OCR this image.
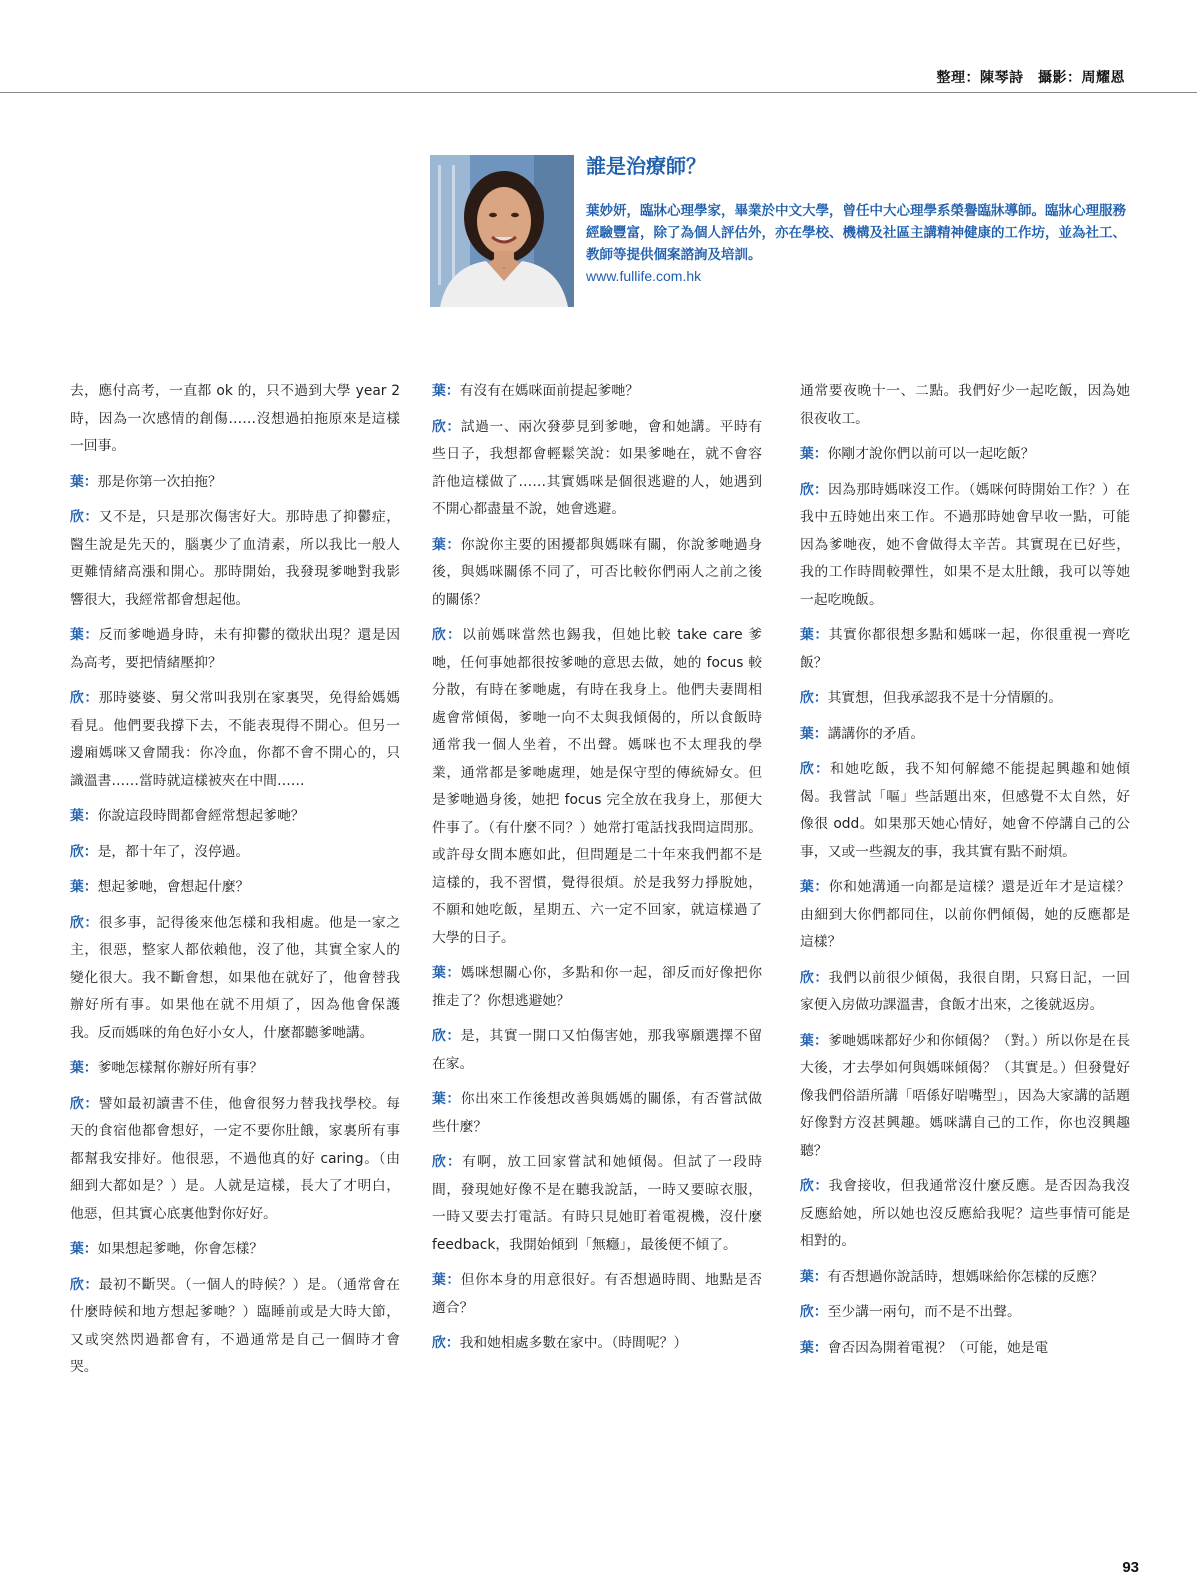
整理：陳琴詩　攝影：周耀恩
誰是治療師？

葉妙妍，臨牀心理學家，畢業於中文大學，曾任中大心理學系榮譽臨牀導師。臨牀心理服務經驗豐富，除了為個人評估外，亦在學校、機構及社區主講精神健康的工作坊，並為社工、教師等提供個案諮詢及培訓。

www.fullife.com.hk

去，應付高考，一直都 ok 的，只不過到大學 year 2 時，因為一次感情的創傷……沒想過拍拖原來是這樣一回事。

葉：那是你第一次拍拖？

欣：又不是，只是那次傷害好大。那時患了抑鬱症，醫生說是先天的，腦裏少了血清素，所以我比一般人更難情緒高漲和開心。那時開始，我發現爹哋對我影響很大，我經常都會想起他。

葉：反而爹哋過身時，未有抑鬱的徵狀出現？還是因為高考，要把情緒壓抑？

欣：那時婆婆、舅父常叫我別在家裏哭，免得給媽媽看見。他們要我撐下去，不能表現得不開心。但另一邊廂媽咪又會鬧我：你冷血，你都不會不開心的，只識溫書……當時就這樣被夾在中間……

葉：你說這段時間都會經常想起爹哋？

欣：是，都十年了，沒停過。

葉：想起爹哋，會想起什麼？

欣：很多事，記得後來他怎樣和我相處。他是一家之主，很惡，整家人都依賴他，沒了他，其實全家人的變化很大。我不斷會想，如果他在就好了，他會替我辦好所有事。如果他在就不用煩了，因為他會保護我。反而媽咪的角色好小女人，什麼都聽爹哋講。

葉：爹哋怎樣幫你辦好所有事？

欣：譬如最初讀書不佳，他會很努力替我找學校。每天的食宿他都會想好，一定不要你肚餓，家裏所有事都幫我安排好。他很惡，不過他真的好 caring。（由細到大都如是？）是。人就是這樣，長大了才明白，他惡，但其實心底裏他對你好好。

葉：如果想起爹哋，你會怎樣？

欣：最初不斷哭。（一個人的時候？）是。（通常會在什麼時候和地方想起爹哋？）臨睡前或是大時大節，又或突然閃過都會有，不過通常是自己一個時才會哭。

葉：有沒有在媽咪面前提起爹哋？

欣：試過一、兩次發夢見到爹哋，會和她講。平時有些日子，我想都會輕鬆笑說：如果爹哋在，就不會容許他這樣做了……其實媽咪是個很逃避的人，她遇到不開心都盡量不說，她會逃避。

葉：你說你主要的困擾都與媽咪有關，你說爹哋過身後，與媽咪關係不同了，可否比較你們兩人之前之後的關係？

欣：以前媽咪當然也錫我，但她比較 take care 爹哋，任何事她都很按爹哋的意思去做，她的 focus 較分散，有時在爹哋處，有時在我身上。他們夫妻間相處會常傾偈，爹哋一向不太與我傾偈的，所以食飯時通常我一個人坐着，不出聲。媽咪也不太理我的學業，通常都是爹哋處理，她是保守型的傳統婦女。但是爹哋過身後，她把 focus 完全放在我身上，那便大件事了。（有什麼不同？）她常打電話找我問這問那。或許母女間本應如此，但問題是二十年來我們都不是這樣的，我不習慣，覺得很煩。於是我努力掙脫她，不願和她吃飯，星期五、六一定不回家，就這樣過了大學的日子。

葉：媽咪想關心你，多點和你一起，卻反而好像把你推走了？你想逃避她？

欣：是，其實一開口又怕傷害她，那我寧願選擇不留在家。

葉：你出來工作後想改善與媽媽的關係，有否嘗試做些什麼？

欣：有啊，放工回家嘗試和她傾偈。但試了一段時間，發現她好像不是在聽我說話，一時又要晾衣服，一時又要去打電話。有時只見她盯着電視機，沒什麼 feedback，我開始傾到「無癮」，最後便不傾了。

葉：但你本身的用意很好。有否想過時間、地點是否適合？

欣：我和她相處多數在家中。（時間呢？）

通常要夜晚十一、二點。我們好少一起吃飯，因為她很夜收工。

葉：你剛才說你們以前可以一起吃飯？

欣：因為那時媽咪沒工作。（媽咪何時開始工作？）在我中五時她出來工作。不過那時她會早收一點，可能因為爹哋夜，她不會做得太辛苦。其實現在已好些，我的工作時間較彈性，如果不是太肚餓，我可以等她一起吃晚飯。

葉：其實你都很想多點和媽咪一起，你很重視一齊吃飯？

欣：其實想，但我承認我不是十分情願的。

葉：講講你的矛盾。

欣：和她吃飯，我不知何解總不能提起興趣和她傾偈。我嘗試「嘔」些話題出來，但感覺不太自然，好像很 odd。如果那天她心情好，她會不停講自己的公事，又或一些親友的事，我其實有點不耐煩。

葉：你和她溝通一向都是這樣？還是近年才是這樣？由細到大你們都同住，以前你們傾偈，她的反應都是這樣？

欣：我們以前很少傾偈，我很自閉，只寫日記，一回家便入房做功課溫書，食飯才出來，之後就返房。

葉：爹哋媽咪都好少和你傾偈？（對。）所以你是在長大後，才去學如何與媽咪傾偈？（其實是。）但發覺好像我們俗語所講「唔係好啱嘴型」，因為大家講的話題好像對方沒甚興趣。媽咪講自己的工作，你也沒興趣聽？

欣：我會接收，但我通常沒什麼反應。是否因為我沒反應給她，所以她也沒反應給我呢？這些事情可能是相對的。

葉：有否想過你說話時，想媽咪給你怎樣的反應？

欣：至少講一兩句，而不是不出聲。

葉：會否因為開着電視？（可能，她是電

93
